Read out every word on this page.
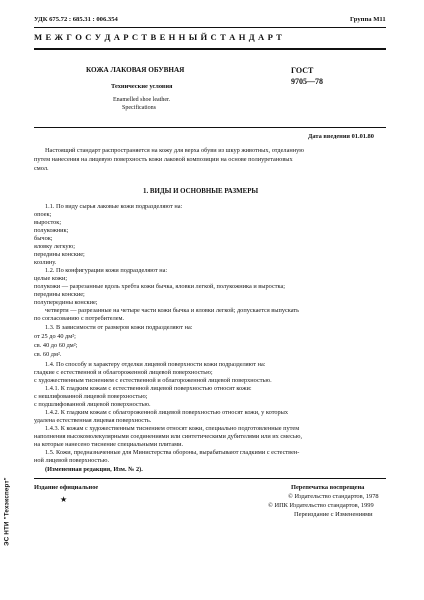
УДК 675.72 : 685.31 : 006.354	Группа М11
М Е Ж Г О С У Д А Р С Т В Е Н Н Ы Й С Т А Н Д А Р Т
КОЖА ЛАКОВАЯ ОБУВНАЯ
Технические условия
Enamelled shoe leather.
Specifications
ГОСТ
9705—78
Дата введения 01.01.80
Настоящий стандарт распространяется на кожу для верха обуви из шкур животных, отделанную
путем нанесения на лицевую поверхность кожи лаковой композиции на основе полиуретановых
смол.
1. ВИДЫ И ОСНОВНЫЕ РАЗМЕРЫ
1.1. По виду сырья лаковые кожи подразделяют на:
опоек;
выросток;
полукожник;
бычок;
яловку легкую;
передины конские;
козлину.
1.2. По конфигурации кожи подразделяют на:
целые кожи;
полукожи — разрезанные вдоль хребта кожи бычка, яловки легкой, полукожника и выростка;
передины конские;
полупередины конские;
четверти — разрезанные на четыре части кожи бычка и яловки легкой; допускается выпускать
по согласованию с потребителем.
1.3. В зависимости от размеров кожи подразделяют на:
от 25 до 40 дм²;
св. 40 до 60 дм²;
св. 60 дм².
1.4. По способу и характеру отделки лицевой поверхности кожи подразделяют на:
гладкие с естественной и облагороженной лицевой поверхностью;
с художественным тиснением с естественной и облагороженной лицевой поверхностью.
1.4.1. К гладким кожам с естественной лицевой поверхностью относят кожи:
с нешлифованной лицевой поверхностью;
с подшлифованной лицевой поверхностью.
1.4.2. К гладким кожам с облагороженной лицевой поверхностью относят кожи, у которых
удалена естественная лицевая поверхность.
1.4.3. К кожам с художественным тиснением относят кожи, специально подготовленные путем
наполнения высокомолекулярными соединениями или синтетическими дубителями или их смесью,
на которые нанесено тиснение специальными плитами.
1.5. Кожи, предназначенные для Министерства обороны, вырабатывают гладкими с естествен-
ной лицевой поверхностью.
(Измененная редакция, Изм. № 2).
Издание официальное
★
Перепечатка воспрещена
© Издательство стандартов, 1978
© ИПК Издательство стандартов, 1999
Переиздание с Изменениями
ЭС НТИ "Техэксперт"
